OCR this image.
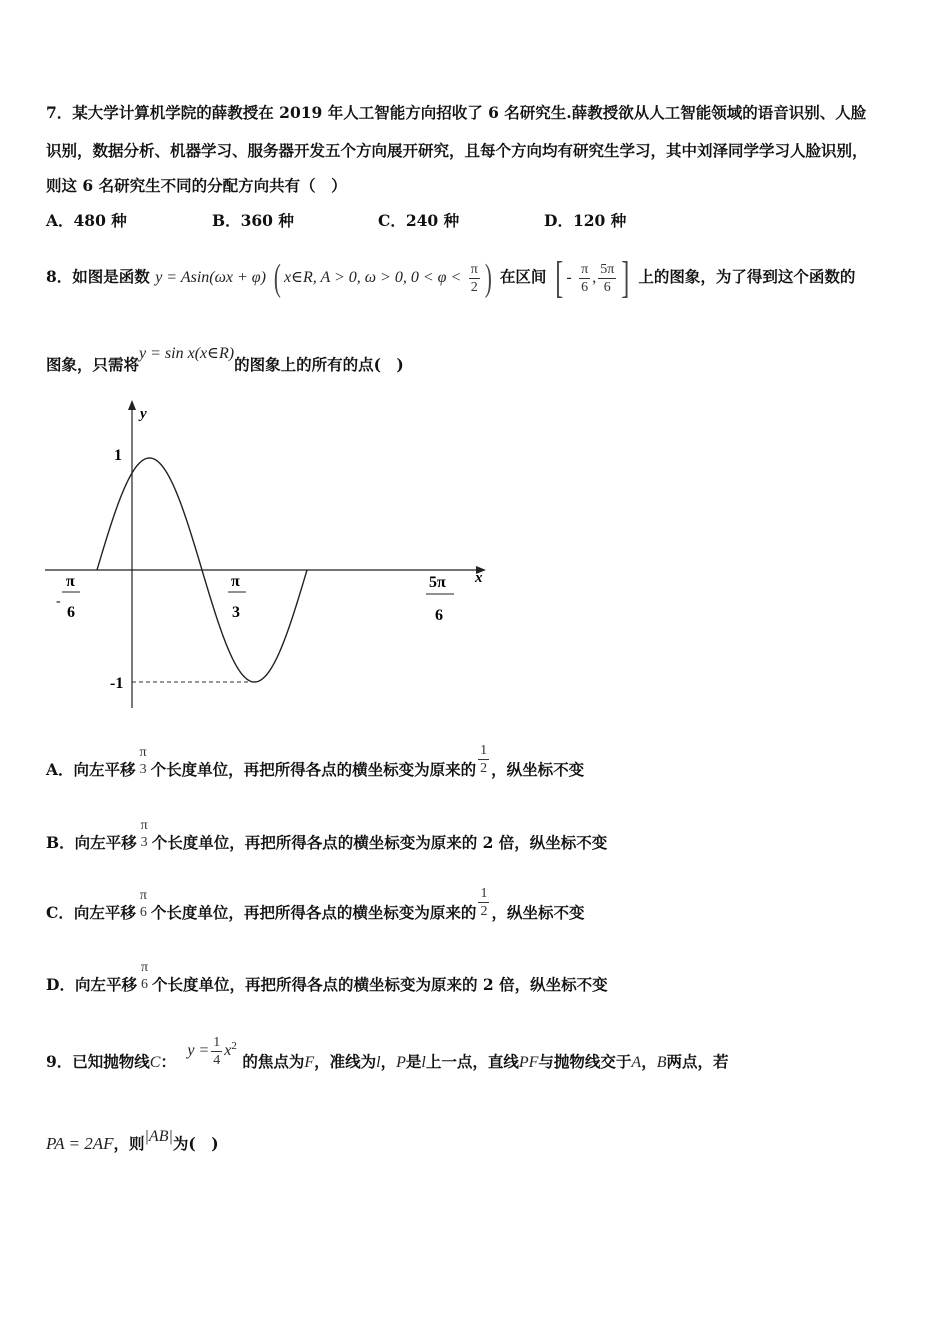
7．某大学计算机学院的薛教授在 2019 年人工智能方向招收了 6 名研究生.薛教授欲从人工智能领域的语音识别、人脸
识别，数据分析、机器学习、服务器开发五个方向展开研究，且每个方向均有研究生学习，其中刘泽同学学习人脸识别，
则这 6 名研究生不同的分配方向共有（　）
A．480 种	B．360 种	C．240 种	D．120 种
8．如图是函数 y = Asin(ωx + φ) ( x∈R, A > 0, ω > 0, $0 < \varphi < \frac{\pi}{2}$ ) 在区间 [ - $\frac{\pi}{6}$ , $\frac{5\pi}{6}$ ] 上的图象，为了得到这个函数的
图象，只需将y = sin x(x∈R)的图象上的所有的点(　)
y
x
1
-1
-
π
6
π
3
5π
6
A．向左平移
π
3 个长度单位，再把所得各点的横坐标变为原来的 $\frac{1}{2}$ ，纵坐标不变
B．向左平移
π
3 个长度单位，再把所得各点的横坐标变为原来的 2 倍，纵坐标不变
C．向左平移
π
6 个长度单位，再把所得各点的横坐标变为原来的 $\frac{1}{2}$ ，纵坐标不变
D．向左平移
π
6 个长度单位，再把所得各点的横坐标变为原来的 2 倍，纵坐标不变
9．已知抛物线C： $y = \frac{1}{4} x^2$ 的焦点为F，准线为l，P是l上一点，直线PF与抛物线交于A，B两点，若
PA = 2AF，则|AB|为(　)
